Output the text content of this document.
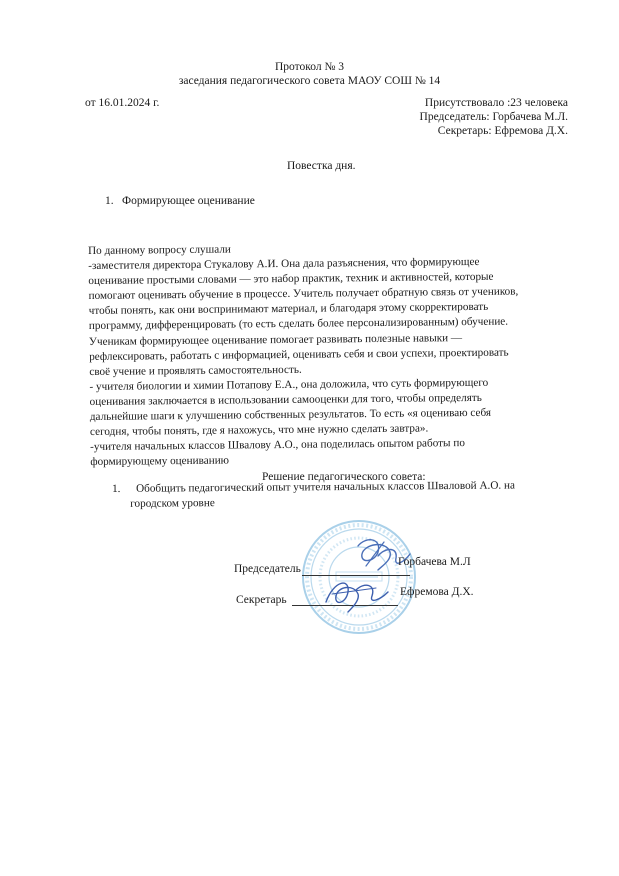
Протокол № 3
заседания педагогического совета МАОУ СОШ № 14
от 16.01.2024 г.	Присутствовало :23 человека
Председатель: Горбачева М.Л.
Секретарь: Ефремова Д.Х.
Повестка дня.
1. Формирующее оценивание
По данному вопросу слушали
-заместителя директора Стукалову А.И. Она дала разъяснения, что формирующее
оценивание простыми словами — это набор практик, техник и активностей, которые
помогают оценивать обучение в процессе. Учитель получает обратную связь от учеников,
чтобы понять, как они воспринимают материал, и благодаря этому скорректировать
программу, дифференцировать (то есть сделать более персонализированным) обучение.
Ученикам формирующее оценивание помогает развивать полезные навыки —
рефлексировать, работать с информацией, оценивать себя и свои успехи, проектировать
своё учение и проявлять самостоятельность.
- учителя биологии и химии Потапову Е.А., она доложила, что суть формирующего
оценивания заключается в использовании самооценки для того, чтобы определять
дальнейшие шаги к улучшению собственных результатов. То есть «я оцениваю себя
сегодня, чтобы понять, где я нахожусь, что мне нужно сделать завтра».
-учителя начальных классов Швалову А.О., она поделилась опытом работы по
формирующему оцениванию
Решение педагогического совета:
1. Обобщить педагогический опыт учителя начальных классов Шваловой А.О. на
городском уровне
Председатель
Горбачева М.Л
Секретарь
Ефремова Д.Х.
